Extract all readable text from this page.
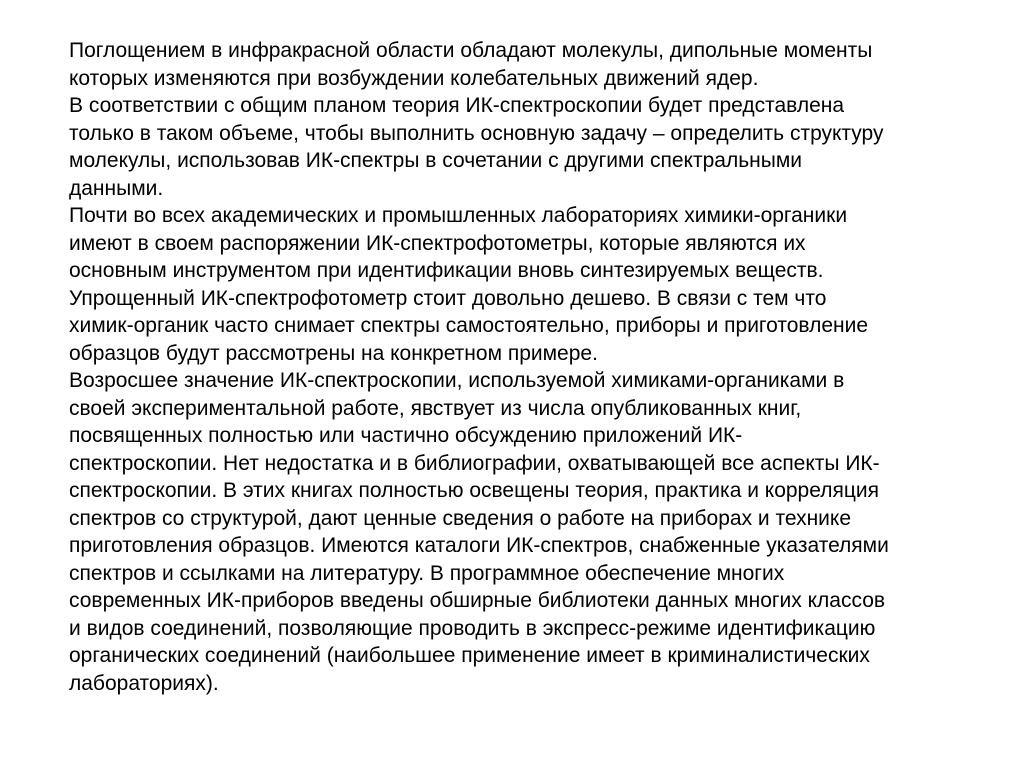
Поглощением в инфракрасной области обладают молекулы, дипольные моменты
которых изменяются при возбуждении колебательных движений ядер.
В соответствии с общим планом теория ИК-спектроскопии будет представлена
только в таком объеме, чтобы выполнить основную задачу – определить структуру
молекулы, использовав ИК-спектры в сочетании с другими спектральными
данными.
Почти во всех академических и промышленных лабораториях химики-органики
имеют в своем распоряжении ИК-спектрофотометры, которые являются их
основным инструментом при идентификации вновь синтезируемых веществ.
Упрощенный ИК-спектрофотометр стоит довольно дешево. В связи с тем что
химик-органик часто снимает спектры самостоятельно, приборы и приготовление
образцов будут рассмотрены на конкретном примере.
Возросшее значение ИК-спектроскопии, используемой химиками-органиками в
своей экспериментальной работе, явствует из числа опубликованных книг,
посвященных полностью или частично обсуждению приложений ИК-
спектроскопии. Нет недостатка и в библиографии, охватывающей все аспекты ИК-
спектроскопии. В этих книгах полностью освещены теория, практика и корреляция
спектров со структурой, дают ценные сведения о работе на приборах и технике
приготовления образцов. Имеются каталоги ИК-спектров, снабженные указателями
спектров и ссылками на литературу. В программное обеспечение многих
современных ИК-приборов введены обширные библиотеки данных многих классов
и видов соединений, позволяющие проводить в экспресс-режиме идентификацию
органических соединений (наибольшее применение имеет в криминалистических
лабораториях).
